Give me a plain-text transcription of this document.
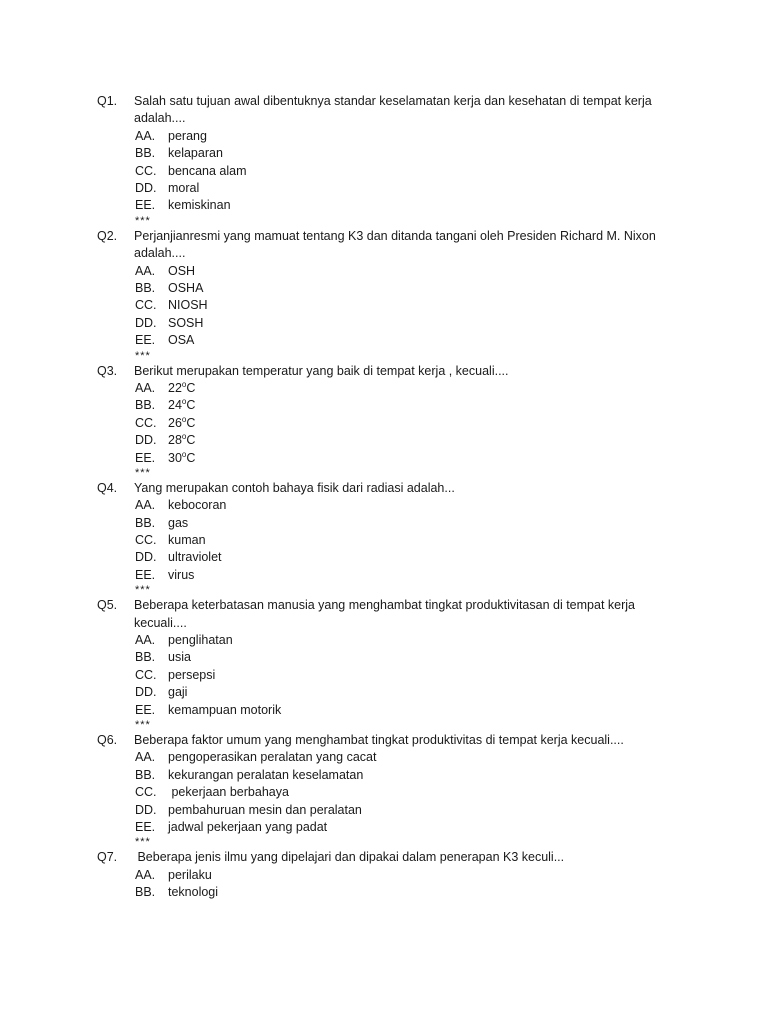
Q1. Salah satu tujuan awal dibentuknya standar keselamatan kerja dan kesehatan di tempat kerja adalah....
AA. perang
BB. kelaparan
CC. bencana alam
DD. moral
EE. kemiskinan
***
Q2. Perjanjianresmi yang mamuat tentang K3 dan ditanda tangani oleh Presiden Richard M. Nixon adalah....
AA. OSH
BB. OSHA
CC. NIOSH
DD. SOSH
EE. OSA
***
Q3. Berikut merupakan temperatur yang baik di tempat kerja , kecuali....
AA. 22$^o$C
BB. 24$^o$C
CC. 26$^o$C
DD. 28$^o$C
EE. 30$^o$C
***
Q4. Yang merupakan contoh bahaya fisik dari radiasi adalah...
AA. kebocoran
BB. gas
CC. kuman
DD. ultraviolet
EE. virus
***
Q5. Beberapa keterbatasan manusia yang menghambat tingkat produktivitasan di tempat kerja kecuali....
AA. penglihatan
BB. usia
CC. persepsi
DD. gaji
EE. kemampuan motorik
***
Q6. Beberapa faktor umum yang menghambat tingkat produktivitas di tempat kerja kecuali....
AA. pengoperasikan peralatan yang cacat
BB. kekurangan peralatan keselamatan
CC. pekerjaan berbahaya
DD. pembahuruan mesin dan peralatan
EE. jadwal pekerjaan yang padat
***
Q7. Beberapa jenis ilmu yang dipelajari dan dipakai dalam penerapan K3 keculi...
AA. perilaku
BB. teknologi
